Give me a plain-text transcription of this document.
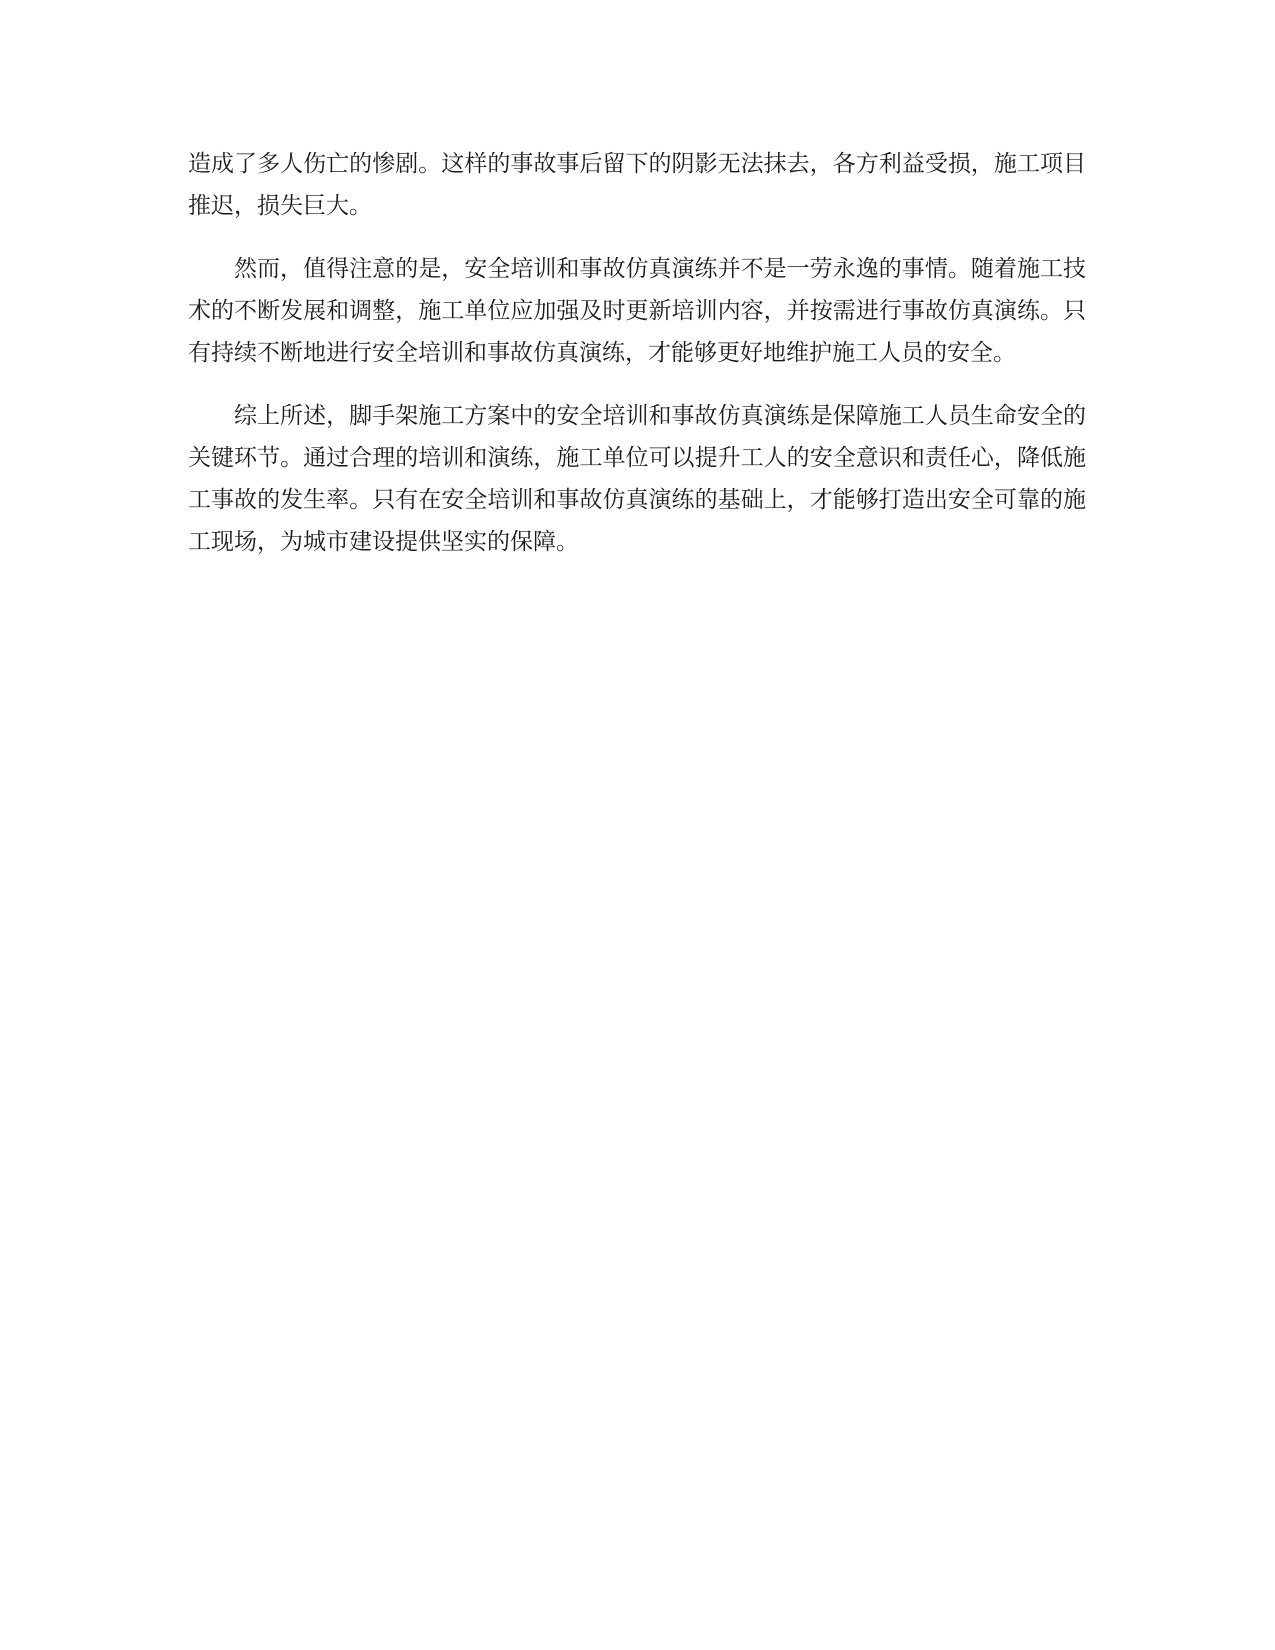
造成了多人伤亡的惨剧。这样的事故事后留下的阴影无法抹去，各方利益受损，施工项目推迟，损失巨大。

然而，值得注意的是，安全培训和事故仿真演练并不是一劳永逸的事情。随着施工技术的不断发展和调整，施工单位应加强及时更新培训内容，并按需进行事故仿真演练。只有持续不断地进行安全培训和事故仿真演练，才能够更好地维护施工人员的安全。

综上所述，脚手架施工方案中的安全培训和事故仿真演练是保障施工人员生命安全的关键环节。通过合理的培训和演练，施工单位可以提升工人的安全意识和责任心，降低施工事故的发生率。只有在安全培训和事故仿真演练的基础上，才能够打造出安全可靠的施工现场，为城市建设提供坚实的保障。
